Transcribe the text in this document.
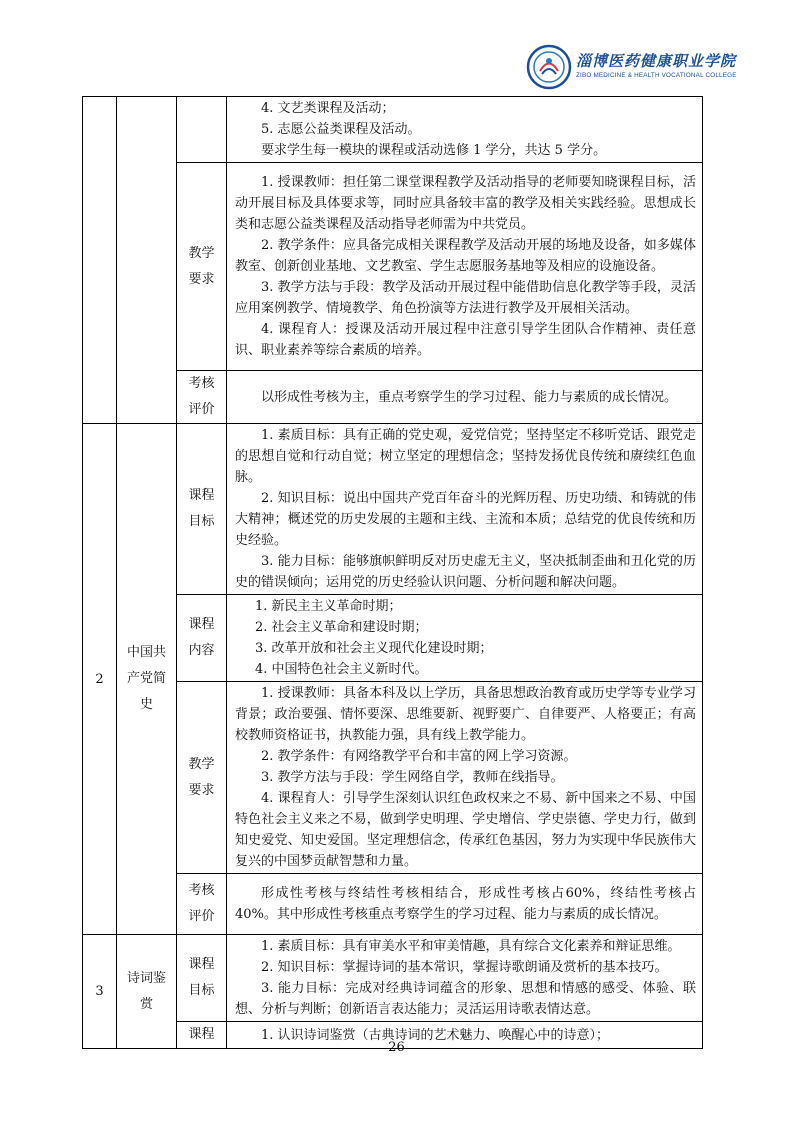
淄博医药健康职业学院
ZIBO MEDICINE & HEALTH VOCATIONAL COLLEGE

			4. 文艺类课程及活动；

5. 志愿公益类课程及活动。

要求学生每一模块的课程或活动选修 1 学分，共达 5 学分。

		教学要求	1. 授课教师：担任第二课堂课程教学及活动指导的老师要知晓课程目标，活动开展目标及具体要求等，同时应具备较丰富的教学及相关实践经验。思想成长类和志愿公益类课程及活动指导老师需为中共党员。

2. 教学条件：应具备完成相关课程教学及活动开展的场地及设备，如多媒体教室、创新创业基地、文艺教室、学生志愿服务基地等及相应的设施设备。

3. 教学方法与手段：教学及活动开展过程中能借助信息化教学等手段，灵活应用案例教学、情境教学、角色扮演等方法进行教学及开展相关活动。

4. 课程育人：授课及活动开展过程中注意引导学生团队合作精神、责任意识、职业素养等综合素质的培养。

		考核评价	以形成性考核为主，重点考察学生的学习过程、能力与素质的成长情况。

2	中国共产党简史	课程目标	1. 素质目标：具有正确的党史观，爱党信党；坚持坚定不移听党话、跟党走的思想自觉和行动自觉；树立坚定的理想信念；坚持发扬优良传统和赓续红色血脉。

2. 知识目标：说出中国共产党百年奋斗的光辉历程、历史功绩、和铸就的伟大精神；概述党的历史发展的主题和主线、主流和本质；总结党的优良传统和历史经验。

3. 能力目标：能够旗帜鲜明反对历史虚无主义，坚决抵制歪曲和丑化党的历史的错误倾向；运用党的历史经验认识问题、分析问题和解决问题。

		课程内容	1. 新民主主义革命时期；

2. 社会主义革命和建设时期；

3. 改革开放和社会主义现代化建设时期；

4. 中国特色社会主义新时代。

		教学要求	1. 授课教师：具备本科及以上学历，具备思想政治教育或历史学等专业学习背景；政治要强、情怀要深、思维要新、视野要广、自律要严、人格要正；有高校教师资格证书，执教能力强，具有线上教学能力。

2. 教学条件：有网络教学平台和丰富的网上学习资源。

3. 教学方法与手段：学生网络自学，教师在线指导。

4. 课程育人：引导学生深刻认识红色政权来之不易、新中国来之不易、中国特色社会主义来之不易，做到学史明理、学史增信、学史崇德、学史力行，做到知史爱党、知史爱国。坚定理想信念，传承红色基因，努力为实现中华民族伟大复兴的中国梦贡献智慧和力量。

		考核评价	形成性考核与终结性考核相结合，形成性考核占60%，终结性考核占 40%。其中形成性考核重点考察学生的学习过程、能力与素质的成长情况。

3	诗词鉴赏	课程目标	1. 素质目标：具有审美水平和审美情趣，具有综合文化素养和辩证思维。

2. 知识目标：掌握诗词的基本常识，掌握诗歌朗诵及赏析的基本技巧。

3. 能力目标：完成对经典诗词蕴含的形象、思想和情感的感受、体验、联想、分析与判断；创新语言表达能力；灵活运用诗歌表情达意。

		课程	1. 认识诗词鉴赏（古典诗词的艺术魅力、唤醒心中的诗意）；

26
